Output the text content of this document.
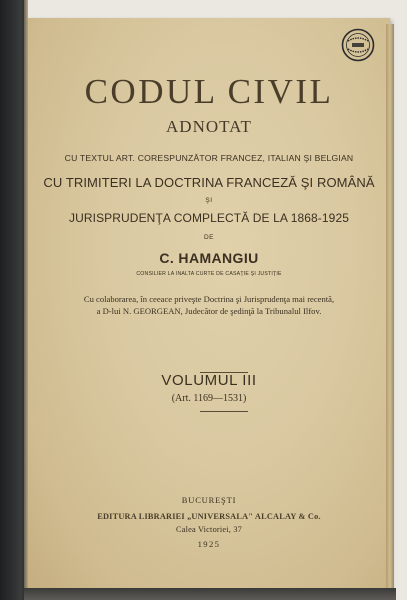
CODUL CIVIL
ADNOTAT
CU TEXTUL ART. CORESPUNZĂTOR FRANCEZ, ITALIAN ŞI BELGIAN
CU TRIMITERI LA DOCTRINA FRANCEZĂ ŞI ROMÂNĂ
ŞI
JURISPRUDENŢA COMPLECTĂ DE LA 1868-1925
DE
C. HAMANGIU
CONSILIER LA INALTA CURTE DE CASAŢIE ŞI JUSTIŢIE
Cu colaborarea, în ceeace priveşte Doctrina şi Jurisprudenţa mai recentă,
a D-lui N. GEORGEAN, Judecător de şedinţă la Tribunalul Ilfov.
VOLUMUL III
(Art. 1169—1531)
BUCUREŞTI
EDITURA LIBRARIEI „UNIVERSALA" ALCALAY & Co.
Calea Victoriei, 37
1925
